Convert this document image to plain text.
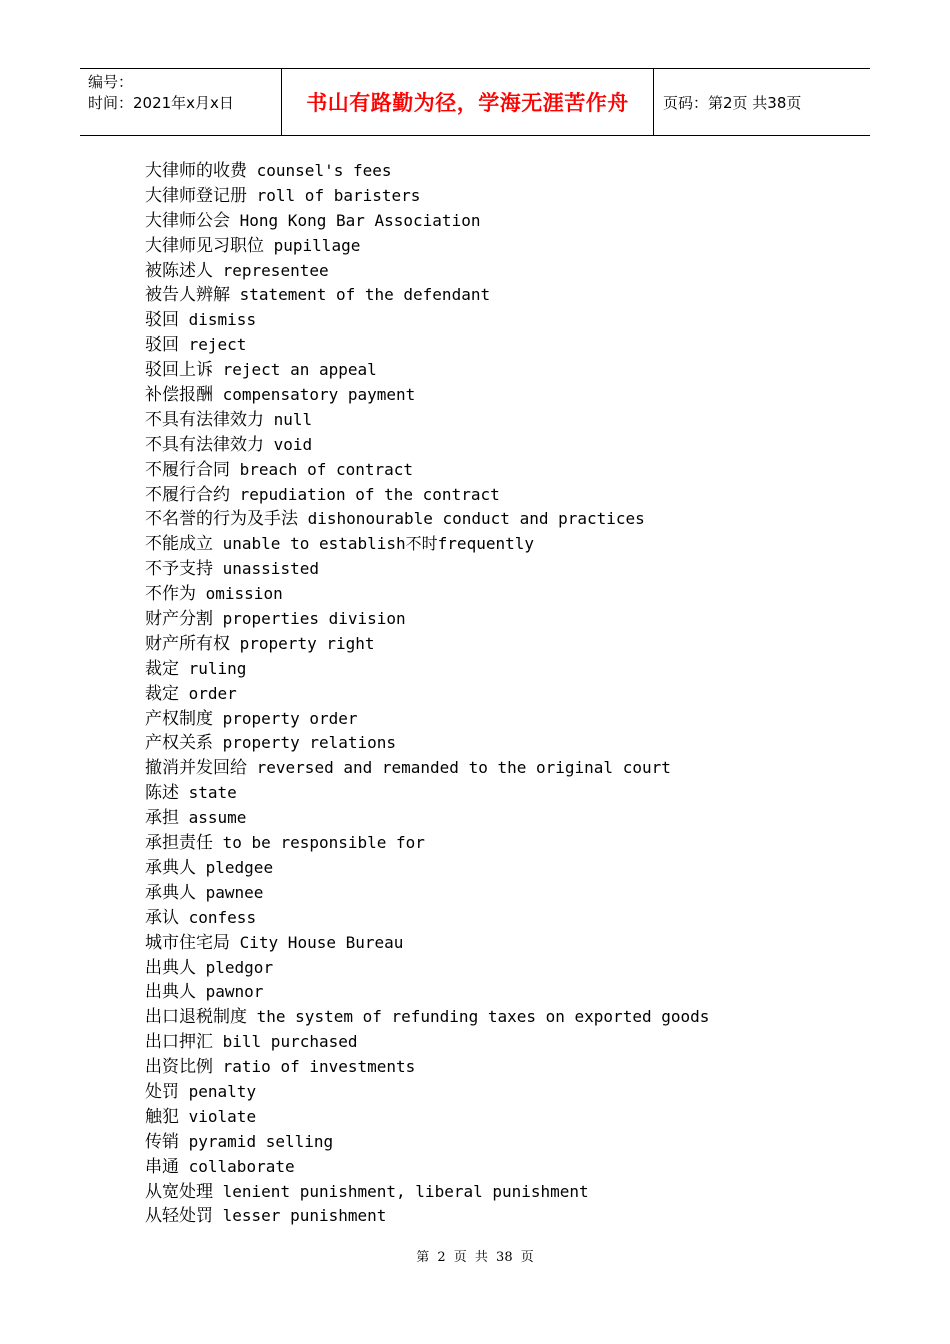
编号：
时间：2021年x月x日	书山有路勤为径，学海无涯苦作舟	页码：第2页 共38页
大律师的收费 counsel's fees
大律师登记册 roll of baristers
大律师公会 Hong Kong Bar Association
大律师见习职位 pupillage
被陈述人 representee
被告人辨解 statement of the defendant
驳回 dismiss
驳回 reject
驳回上诉 reject an appeal
补偿报酬 compensatory payment
不具有法律效力 null
不具有法律效力 void
不履行合同 breach of contract
不履行合约 repudiation of the contract
不名誉的行为及手法 dishonourable conduct and practices
不能成立 unable to establish不时frequently
不予支持 unassisted
不作为 omission
财产分割 properties division
财产所有权 property right
裁定 ruling
裁定 order
产权制度 property order
产权关系 property relations
撤消并发回给 reversed and remanded to the original court
陈述 state
承担 assume
承担责任 to be responsible for
承典人 pledgee
承典人 pawnee
承认 confess
城市住宅局 City House Bureau
出典人 pledgor
出典人 pawnor
出口退税制度 the system of refunding taxes on exported goods
出口押汇 bill purchased
出资比例 ratio of investments
处罚 penalty
触犯 violate
传销 pyramid selling
串通 collaborate
从宽处理 lenient punishment, liberal punishment
从轻处罚 lesser punishment
第 2 页 共 38 页
